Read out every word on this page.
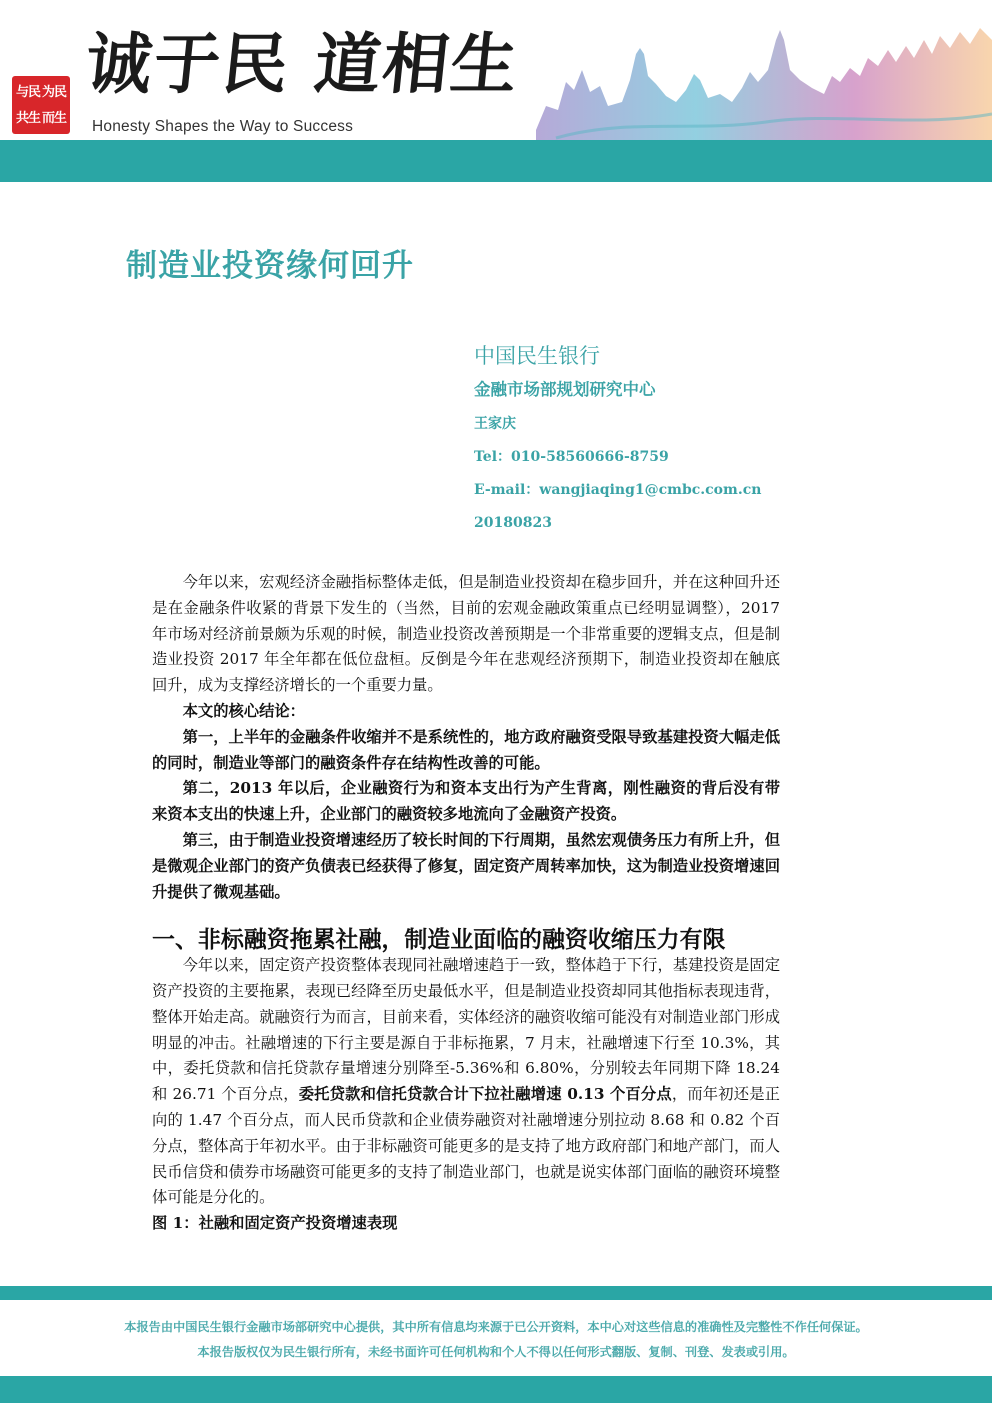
与民 为民
共生 而生
诚于民 道相生
Honesty Shapes the Way to Success
制造业投资缘何回升
中国民生银行
金融市场部规划研究中心
王家庆
Tel：010-58560666-8759
E-mail：wangjiaqing1@cmbc.com.cn
20180823

今年以来，宏观经济金融指标整体走低，但是制造业投资却在稳步回升，并在这种回升还是在金融条件收紧的背景下发生的（当然，目前的宏观金融政策重点已经明显调整），2017 年市场对经济前景颇为乐观的时候，制造业投资改善预期是一个非常重要的逻辑支点，但是制造业投资 2017 年全年都在低位盘桓。反倒是今年在悲观经济预期下，制造业投资却在触底回升，成为支撑经济增长的一个重要力量。

本文的核心结论：

第一，上半年的金融条件收缩并不是系统性的，地方政府融资受限导致基建投资大幅走低的同时，制造业等部门的融资条件存在结构性改善的可能。

第二，2013 年以后，企业融资行为和资本支出行为产生背离，刚性融资的背后没有带来资本支出的快速上升，企业部门的融资较多地流向了金融资产投资。

第三，由于制造业投资增速经历了较长时间的下行周期，虽然宏观债务压力有所上升，但是微观企业部门的资产负债表已经获得了修复，固定资产周转率加快，这为制造业投资增速回升提供了微观基础。

一、非标融资拖累社融，制造业面临的融资收缩压力有限

今年以来，固定资产投资整体表现同社融增速趋于一致，整体趋于下行，基建投资是固定资产投资的主要拖累，表现已经降至历史最低水平，但是制造业投资却同其他指标表现违背，整体开始走高。就融资行为而言，目前来看，实体经济的融资收缩可能没有对制造业部门形成明显的冲击。社融增速的下行主要是源自于非标拖累，7 月末，社融增速下行至 10.3%，其中，委托贷款和信托贷款存量增速分别降至-5.36%和 6.80%，分别较去年同期下降 18.24 和 26.71 个百分点，委托贷款和信托贷款合计下拉社融增速 0.13 个百分点，而年初还是正向的 1.47 个百分点，而人民币贷款和企业债券融资对社融增速分别拉动 8.68 和 0.82 个百分点，整体高于年初水平。由于非标融资可能更多的是支持了地方政府部门和地产部门，而人民币信贷和债券市场融资可能更多的支持了制造业部门，也就是说实体部门面临的融资环境整体可能是分化的。

图 1：社融和固定资产投资增速表现

本报告由中国民生银行金融市场部研究中心提供，其中所有信息均来源于已公开资料，本中心对这些信息的准确性及完整性不作任何保证。
本报告版权仅为民生银行所有，未经书面许可任何机构和个人不得以任何形式翻版、复制、刊登、发表或引用。
